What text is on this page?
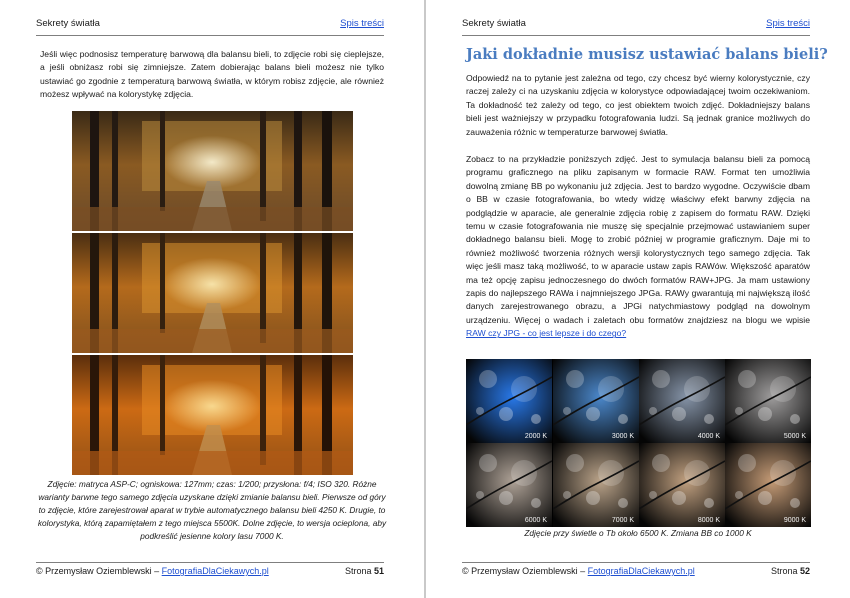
Sekrety światła	Spis treści

Jeśli więc podnosisz temperaturę barwową dla balansu bieli, to zdjęcie robi się cieplejsze, a jeśli obniżasz robi się zimniejsze. Zatem dobierając balans bieli możesz nie tylko ustawiać go zgodnie z temperaturą barwową światła, w którym robisz zdjęcie, ale również możesz wpływać na kolorystykę zdjęcia.

Zdjęcie: matryca ASP-C; ogniskowa: 127mm; czas: 1/200; przysłona: f/4; ISO 320. Różne warianty barwne tego samego zdjęcia uzyskane dzięki zmianie balansu bieli. Pierwsze od góry to zdjęcie, które zarejestrował aparat w trybie automatycznego balansu bieli 4250 K. Drugie, to kolorystyka, którą zapamiętałem z tego miejsca 5500K. Dolne zdjęcie, to wersja ocieplona, aby podkreślić jesienne kolory lasu 7000 K.

© Przemysław Oziemblewski – FotografiaDlaCiekawych.pl	Strona 51
Sekrety światła	Spis treści
Jaki dokładnie musisz ustawiać balans bieli?

Odpowiedź na to pytanie jest zależna od tego, czy chcesz być wierny kolorystycznie, czy raczej zależy ci na uzyskaniu zdjęcia w kolorystyce odpowiadającej twoim oczekiwaniom. Ta dokładność też zależy od tego, co jest obiektem twoich zdjęć. Dokładniejszy balans bieli jest ważniejszy w przypadku fotografowania ludzi. Są jednak granice możliwych do zauważenia różnic w temperaturze barwowej światła.

Zobacz to na przykładzie poniższych zdjęć. Jest to symulacja balansu bieli za pomocą programu graficznego na pliku zapisanym w formacie RAW. Format ten umożliwia dowolną zmianę BB po wykonaniu już zdjęcia. Jest to bardzo wygodne. Oczywiście dbam o BB w czasie fotografowania, bo wtedy widzę właściwy efekt barwny zdjęcia na podglądzie w aparacie, ale generalnie zdjęcia robię z zapisem do formatu RAW. Dzięki temu w czasie fotografowania nie muszę się specjalnie przejmować ustawianiem super dokładnego balansu bieli. Mogę to zrobić później w programie graficznym. Daje mi to również możliwość tworzenia różnych wersji kolorystycznych tego samego zdjęcia. Tak więc jeśli masz taką możliwość, to w aparacie ustaw zapis RAWów. Większość aparatów ma też opcję zapisu jednoczesnego do dwóch formatów RAW+JPG. Ja mam ustawiony zapis do najlepszego RAWa i najmniejszego JPGa. RAWy gwarantują mi największą ilość danych zarejestrowanego obrazu, a JPGi natychmiastowy podgląd na dowolnym urządzeniu. Więcej o wadach i zaletach obu formatów znajdziesz na blogu we wpisie RAW czy JPG - co jest lepsze i do czego?

Zdjęcie przy świetle o Tb około 6500 K. Zmiana BB co 1000 K

© Przemysław Oziemblewski – FotografiaDlaCiekawych.pl	Strona 52
2000 K	3000 K	4000 K	5000 K
6000 K	7000 K	8000 K	9000 K
